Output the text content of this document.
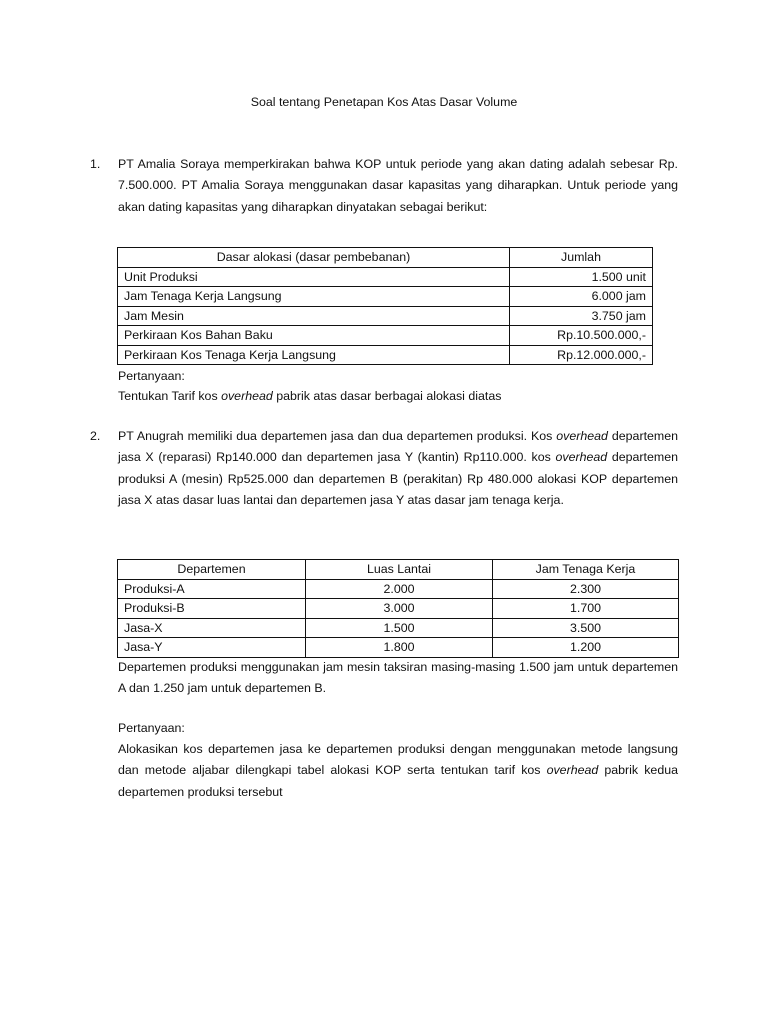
Soal tentang Penetapan Kos Atas Dasar Volume
1. PT Amalia Soraya memperkirakan bahwa KOP untuk periode yang akan dating adalah sebesar Rp. 7.500.000. PT Amalia Soraya menggunakan dasar kapasitas yang diharapkan. Untuk periode yang akan dating kapasitas yang diharapkan dinyatakan sebagai berikut:
Dasar alokasi (dasar pembebanan)	Jumlah
Unit Produksi	1.500 unit
Jam Tenaga Kerja Langsung	6.000 jam
Jam Mesin	3.750 jam
Perkiraan Kos Bahan Baku	Rp.10.500.000,-
Perkiraan Kos Tenaga Kerja Langsung	Rp.12.000.000,-
Pertanyaan:
Tentukan Tarif kos overhead pabrik atas dasar berbagai alokasi diatas
2. PT Anugrah memiliki dua departemen jasa dan dua departemen produksi. Kos overhead departemen jasa X (reparasi) Rp140.000 dan departemen jasa Y (kantin) Rp110.000. kos overhead departemen produksi A (mesin) Rp525.000 dan departemen B (perakitan) Rp 480.000 alokasi KOP departemen jasa X atas dasar luas lantai dan departemen jasa Y atas dasar jam tenaga kerja.
Departemen	Luas Lantai	Jam Tenaga Kerja
Produksi-A	2.000	2.300
Produksi-B	3.000	1.700
Jasa-X	1.500	3.500
Jasa-Y	1.800	1.200
Departemen produksi menggunakan jam mesin taksiran masing-masing 1.500 jam untuk departemen A dan 1.250 jam untuk departemen B.
Pertanyaan:
Alokasikan kos departemen jasa ke departemen produksi dengan menggunakan metode langsung dan metode aljabar dilengkapi tabel alokasi KOP serta tentukan tarif kos overhead pabrik kedua departemen produksi tersebut
